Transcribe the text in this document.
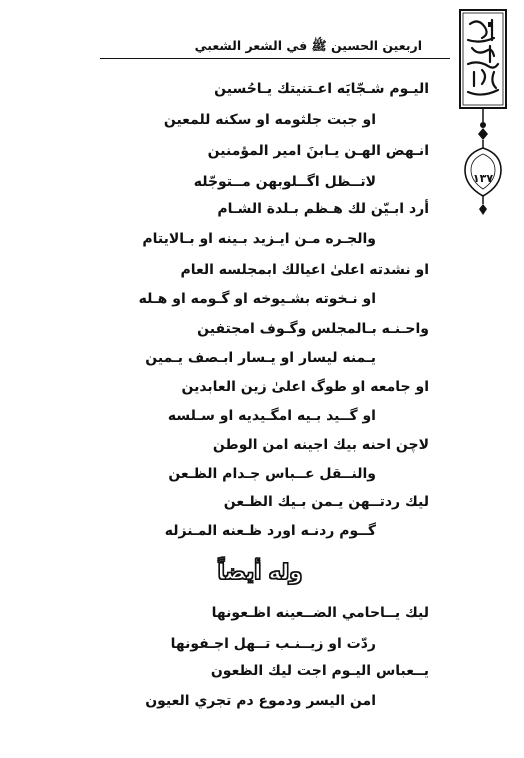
١٣٧
اربعين الحسين ﷺ في الشعر الشعبي
اليـوم شـجّايَه اعـتنيتك يـاحُسين
او جبت جلثومه او سكنه للمعين
انـهض الهـن يـابنَ امير المؤمنين
لاتــظل اگــلوبهن مــتوجّله
أرد ابـيّن لك هـظم بـلدة الشـام
والجـره مـن ايـزيد بـينه او بـالايتام
او نشدته اعلىٰ اعيالك ابمجلسه العام
او نـخوته بشـيوخه او گـومه او هـله
واحـنـه بـالمجلس وگـوف امجتفين
يـمنه ليسار او يـسار ابـصف يـمين
او جامعه او طوگ اعلىٰ زين العابدين
او گــيد بـيه امگـيديه او سـلسه
لاچن احنه بيك اجينه امن الوطن
والنــقل عــباس جـدام الظـعن
ليك ردتــهن يـمن بـيك الظـعن
گــوم ردنـه اورد ظـعنه المـنزله
وله أيضاً
ليك يــاحامي الضــعينه اظـعونها
ردّت او زيــنـب تــهل اجـفونها
يــعباس اليـوم اجت ليك الظعون
امن اليسر ودموع دم تجري العيون
